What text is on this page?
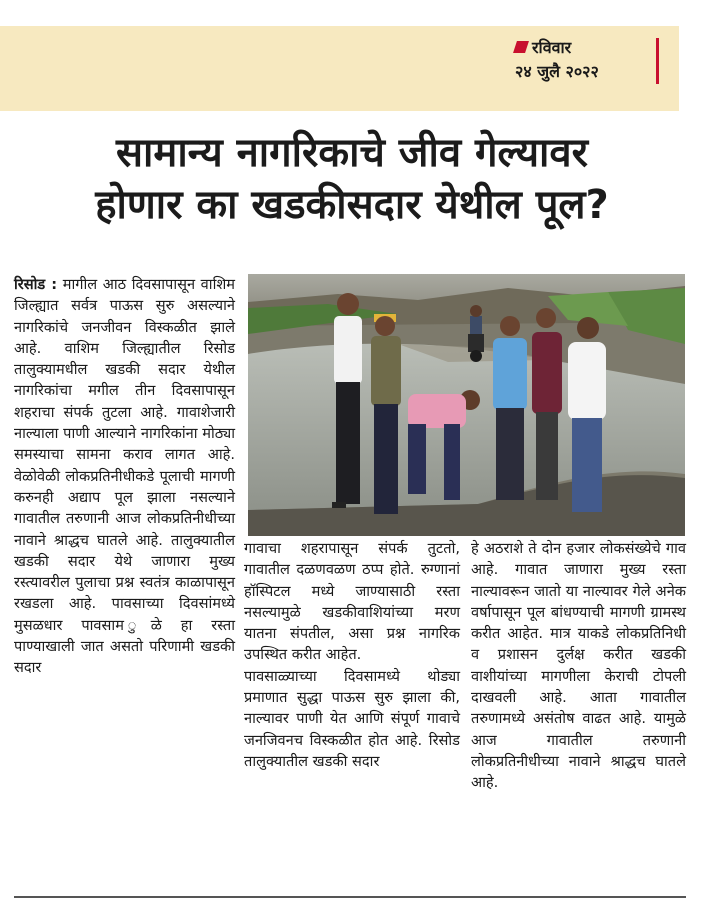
रविवार
२४ जुलै २०२२
सामान्य नागरिकाचे जीव गेल्यावर
होणार का खडकीसदार येथील पूल?

रिसोड : मागील आठ दिवसापासून वाशिम जिल्ह्यात सर्वत्र पाऊस सुरु असल्याने नागरिकांचे जनजीवन विस्कळीत झाले आहे. वाशिम जिल्ह्यातील रिसोड तालुक्यामधील खडकी सदार येथील नागरिकांचा मगील तीन दिवसापासून शहराचा संपर्क तुटला आहे. गावाशेजारी नाल्याला पाणी आल्याने नागरिकांना मोठ्या समस्याचा सामना कराव लागत आहे. वेळोवेळी लोकप्रतिनीधीकडे पूलाची मागणी करुनही अद्याप पूल झाला नसल्याने गावातील तरुणानी आज लोकप्रतिनीधीच्या नावाने श्राद्धच घातले आहे. तालुक्यातील खडकी सदार येथे जाणारा मुख्य रस्त्यावरील पुलाचा प्रश्न स्वतंत्र काळापासून रखडला आहे. पावसाच्या दिवसांमध्ये मुसळधार पावसाम ुळे हा रस्ता पाण्याखाली जात असतो परिणामी खडकी सदार

गावाचा शहरापासून संपर्क तुटतो, गावातील दळणवळण ठप्प होते. रुग्णानां हॉस्पिटल मध्ये जाण्यासाठी रस्ता नसल्यामुळे खडकीवाशियांच्या मरण यातना संपतील, असा प्रश्न नागरिक उपस्थित करीत आहेत.

पावसाळ्याच्या दिवसामध्ये थोड्या प्रमाणात सुद्धा पाऊस सुरु झाला की, नाल्यावर पाणी येत आणि संपूर्ण गावाचे जनजिवनच विस्कळीत होत आहे. रिसोड तालुक्यातील खडकी सदार

हे अठराशे ते दोन हजार लोकसंख्येचे गाव आहे. गावात जाणारा मुख्य रस्ता नाल्यावरून जातो या नाल्यावर गेले अनेक वर्षापासून पूल बांधण्याची मागणी ग्रामस्थ करीत आहेत. मात्र याकडे लोकप्रतिनिधी व प्रशासन दुर्लक्ष करीत खडकी वाशीयांच्या मागणीला केराची टोपली दाखवली आहे. आता गावातील तरुणामध्ये असंतोष वाढत आहे. यामुळे आज गावातील तरुणानी लोकप्रतिनीधीच्या नावाने श्राद्धच घातले आहे.
